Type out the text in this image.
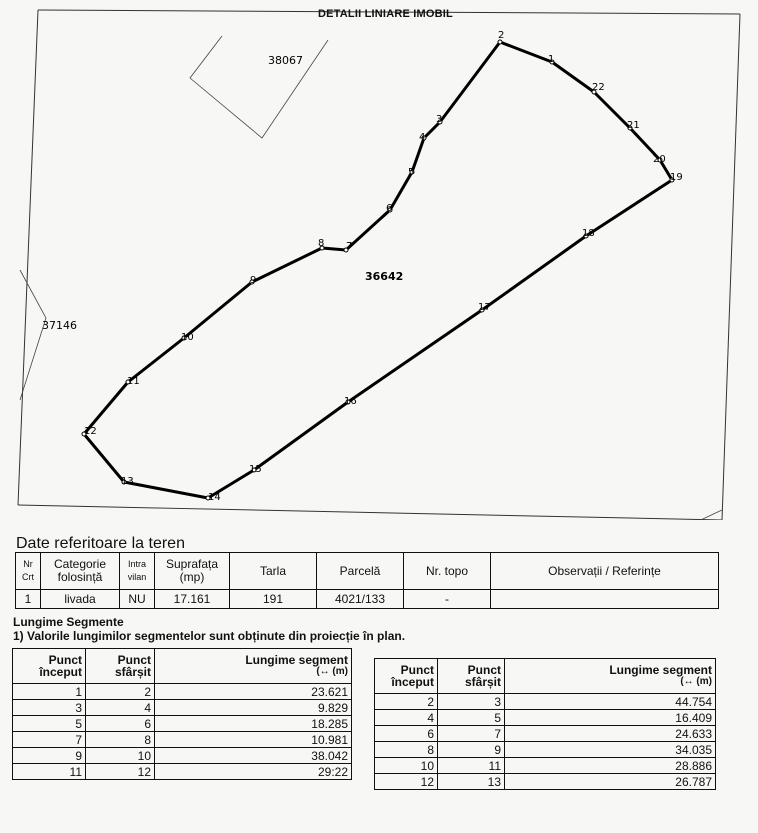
2
1
22
21
20
19
18
17
16
15
14
13
12
11
10
9
8 7
6
5
4
3
36642
38067
37146
DETALII LINIARE IMOBIL
Date referitoare la teren
Nr Crt	Categorie folosință	Intra vilan	Suprafața (mp)	Tarla	Parcelă	Nr. topo	Observații / Referințe
1	livada	NU	17.161	191	4021/133	-	
Lungime Segmente
1) Valorile lungimilor segmentelor sunt obținute din proiecție în plan.
Punct început	Punct sfârșit	Lungime segment
(↔ (m)

1	2	23.621
3	4	9.829
5	6	18.285
7	8	10.981
9	10	38.042
11	12	29:22
Punct început	Punct sfârșit	Lungime segment
(↔ (m)

2	3	44.754
4	5	16.409
6	7	24.633
8	9	34.035
10	11	28.886
12	13	26.787
